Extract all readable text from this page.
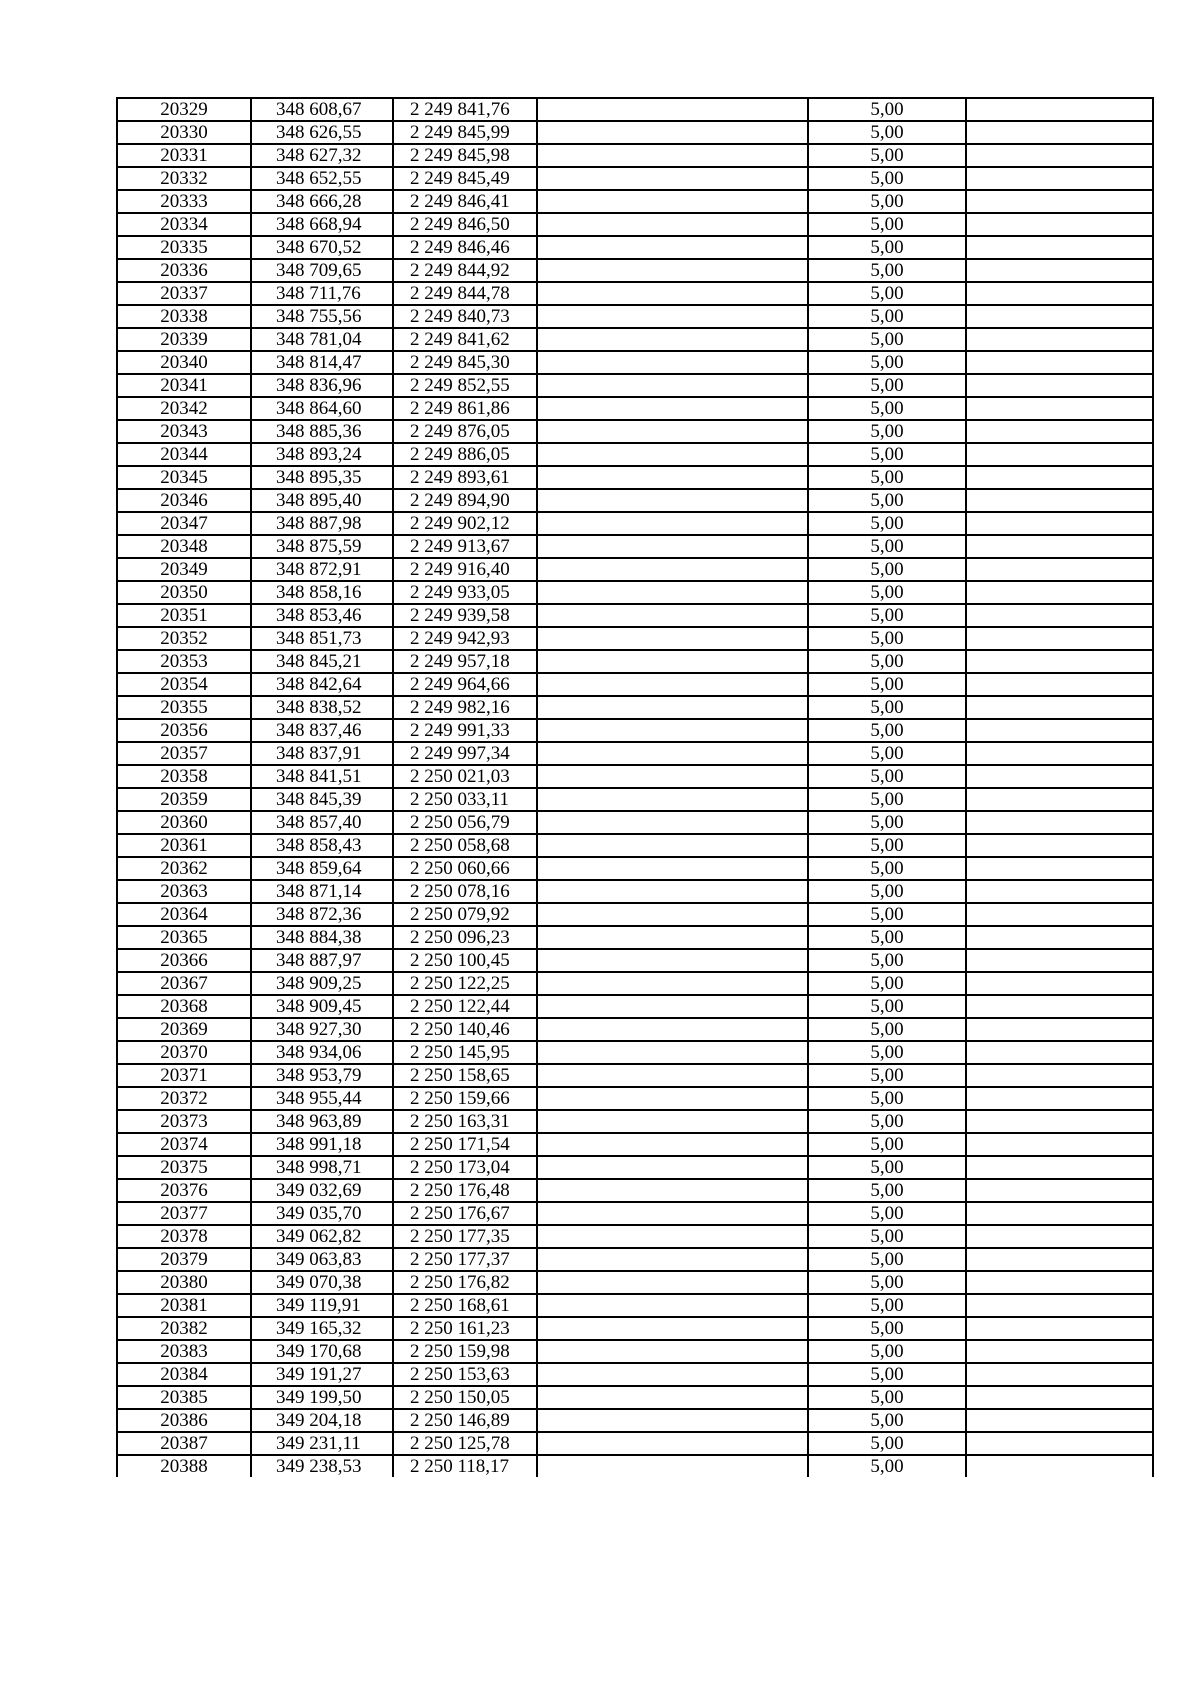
20329	348 608,67	2 249 841,76		5,00	
20330	348 626,55	2 249 845,99		5,00	
20331	348 627,32	2 249 845,98		5,00	
20332	348 652,55	2 249 845,49		5,00	
20333	348 666,28	2 249 846,41		5,00	
20334	348 668,94	2 249 846,50		5,00	
20335	348 670,52	2 249 846,46		5,00	
20336	348 709,65	2 249 844,92		5,00	
20337	348 711,76	2 249 844,78		5,00	
20338	348 755,56	2 249 840,73		5,00	
20339	348 781,04	2 249 841,62		5,00	
20340	348 814,47	2 249 845,30		5,00	
20341	348 836,96	2 249 852,55		5,00	
20342	348 864,60	2 249 861,86		5,00	
20343	348 885,36	2 249 876,05		5,00	
20344	348 893,24	2 249 886,05		5,00	
20345	348 895,35	2 249 893,61		5,00	
20346	348 895,40	2 249 894,90		5,00	
20347	348 887,98	2 249 902,12		5,00	
20348	348 875,59	2 249 913,67		5,00	
20349	348 872,91	2 249 916,40		5,00	
20350	348 858,16	2 249 933,05		5,00	
20351	348 853,46	2 249 939,58		5,00	
20352	348 851,73	2 249 942,93		5,00	
20353	348 845,21	2 249 957,18		5,00	
20354	348 842,64	2 249 964,66		5,00	
20355	348 838,52	2 249 982,16		5,00	
20356	348 837,46	2 249 991,33		5,00	
20357	348 837,91	2 249 997,34		5,00	
20358	348 841,51	2 250 021,03		5,00	
20359	348 845,39	2 250 033,11		5,00	
20360	348 857,40	2 250 056,79		5,00	
20361	348 858,43	2 250 058,68		5,00	
20362	348 859,64	2 250 060,66		5,00	
20363	348 871,14	2 250 078,16		5,00	
20364	348 872,36	2 250 079,92		5,00	
20365	348 884,38	2 250 096,23		5,00	
20366	348 887,97	2 250 100,45		5,00	
20367	348 909,25	2 250 122,25		5,00	
20368	348 909,45	2 250 122,44		5,00	
20369	348 927,30	2 250 140,46		5,00	
20370	348 934,06	2 250 145,95		5,00	
20371	348 953,79	2 250 158,65		5,00	
20372	348 955,44	2 250 159,66		5,00	
20373	348 963,89	2 250 163,31		5,00	
20374	348 991,18	2 250 171,54		5,00	
20375	348 998,71	2 250 173,04		5,00	
20376	349 032,69	2 250 176,48		5,00	
20377	349 035,70	2 250 176,67		5,00	
20378	349 062,82	2 250 177,35		5,00	
20379	349 063,83	2 250 177,37		5,00	
20380	349 070,38	2 250 176,82		5,00	
20381	349 119,91	2 250 168,61		5,00	
20382	349 165,32	2 250 161,23		5,00	
20383	349 170,68	2 250 159,98		5,00	
20384	349 191,27	2 250 153,63		5,00	
20385	349 199,50	2 250 150,05		5,00	
20386	349 204,18	2 250 146,89		5,00	
20387	349 231,11	2 250 125,78		5,00	
20388	349 238,53	2 250 118,17		5,00	
